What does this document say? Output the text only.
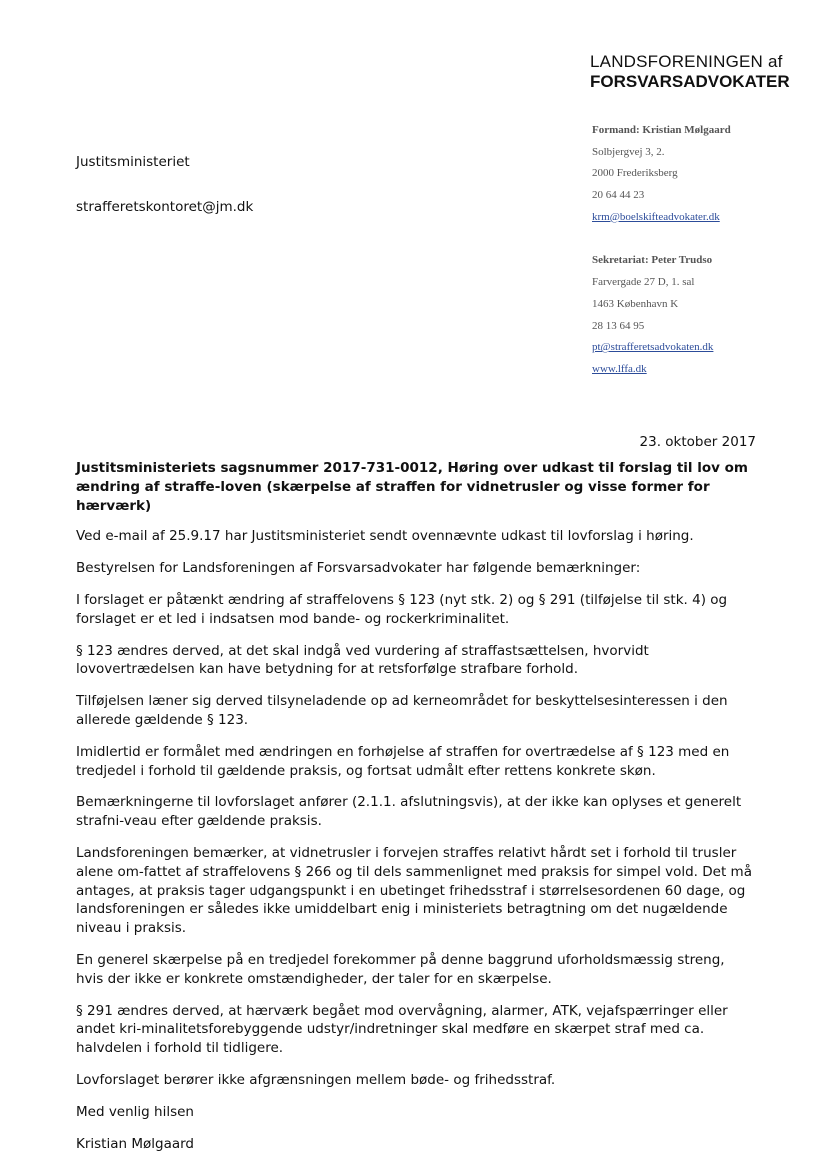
LANDSFORENINGEN af
FORSVARSADVOKATER
Justitsministeriet
strafferetskontoret@jm.dk
Formand: Kristian Mølgaard
Solbjergvej 3, 2.
2000 Frederiksberg
20 64 44 23
krm@boelskifteadvokater.dk
Sekretariat: Peter Trudso
Farvergade 27 D, 1. sal
1463 København K
28 13 64 95
pt@strafferetsadvokaten.dk
www.lffa.dk
23. oktober 2017

Justitsministeriets sagsnummer 2017-731-0012, Høring over udkast til forslag til lov om ændring af straffe-loven (skærpelse af straffen for vidnetrusler og visse former for hærværk)

Ved e-mail af 25.9.17 har Justitsministeriet sendt ovennævnte udkast til lovforslag i høring.

Bestyrelsen for Landsforeningen af Forsvarsadvokater har følgende bemærkninger:

I forslaget er påtænkt ændring af straffelovens § 123 (nyt stk. 2) og § 291 (tilføjelse til stk. 4) og forslaget er et led i indsatsen mod bande- og rockerkriminalitet.

§ 123 ændres derved, at det skal indgå ved vurdering af straffastsættelsen, hvorvidt lovovertrædelsen kan have betydning for at retsforfølge strafbare forhold.

Tilføjelsen læner sig derved tilsyneladende op ad kerneområdet for beskyttelsesinteressen i den allerede gældende § 123.

Imidlertid er formålet med ændringen en forhøjelse af straffen for overtrædelse af § 123 med en tredjedel i forhold til gældende praksis, og fortsat udmålt efter rettens konkrete skøn.

Bemærkningerne til lovforslaget anfører (2.1.1. afslutningsvis), at der ikke kan oplyses et generelt strafni-veau efter gældende praksis.

Landsforeningen bemærker, at vidnetrusler i forvejen straffes relativt hårdt set i forhold til trusler alene om-fattet af straffelovens § 266 og til dels sammenlignet med praksis for simpel vold. Det må antages, at praksis tager udgangspunkt i en ubetinget frihedsstraf i størrelsesordenen 60 dage, og landsforeningen er således ikke umiddelbart enig i ministeriets betragtning om det nugældende niveau i praksis.

En generel skærpelse på en tredjedel forekommer på denne baggrund uforholdsmæssig streng, hvis der ikke er konkrete omstændigheder, der taler for en skærpelse.

§ 291 ændres derved, at hærværk begået mod overvågning, alarmer, ATK, vejafspærringer eller andet kri-minalitetsforebyggende udstyr/indretninger skal medføre en skærpet straf med ca. halvdelen i forhold til tidligere.

Lovforslaget berører ikke afgrænsningen mellem bøde- og frihedsstraf.

Med venlig hilsen

Kristian Mølgaard
